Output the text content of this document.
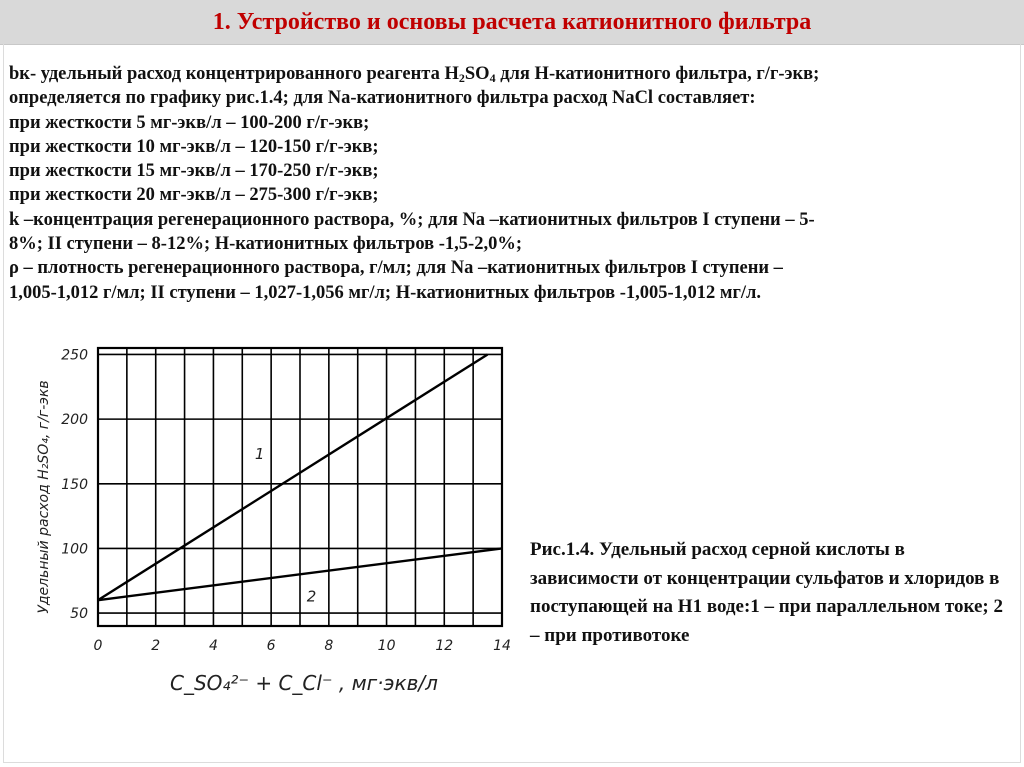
1. Устройство и основы расчета катионитного фильтра

bк- удельный расход концентрированного реагента $H_2SO_4$ для H-катионитного фильтра, г/г-экв;

определяется по графику рис.1.4; для Na-катионитного фильтра расход NaCl составляет:

при жесткости 5 мг-экв/л – 100-200 г/г-экв;

при жесткости 10 мг-экв/л – 120-150 г/г-экв;

при жесткости 15 мг-экв/л – 170-250 г/г-экв;

при жесткости 20 мг-экв/л – 275-300 г/г-экв;

k –концентрация регенерационного раствора, %; для Na –катионитных фильтров I ступени – 5-

8%; II ступени – 8-12%; H-катионитных фильтров -1,5-2,0%;

ρ – плотность регенерационного раствора, г/мл; для Na –катионитных фильтров I ступени –

1,005-1,012 г/мл; II ступени – 1,027-1,056 мг/л; H-катионитных фильтров -1,005-1,012 мг/л.

50
100
150
200
250
0	2	4	6	8	10	12	14
1
2
Удельный расход H₂SO₄, г/г-экв
C_SO₄²⁻ + C_Cl⁻ , мг·экв/л
Рис.1.4. Удельный расход серной кислоты в зависимости от концентрации сульфатов и хлоридов в поступающей на H1 воде:1 – при параллельном токе; 2 – при противотоке
